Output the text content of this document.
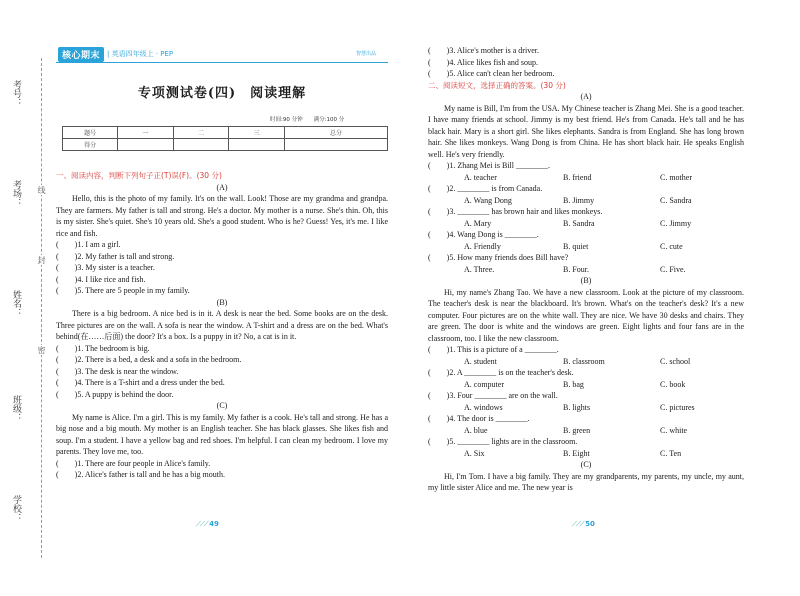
学校：
班级：
姓名：
考场：
考号：
密
封
线
核心期末	| 英语四年级上 · PEP	智慧出品
专项测试卷(四)　阅读理解
时间:90 分钟　　满分:100 分
题号	一	二	三	总分
得分				
一、阅读内容，判断下列句子正(T)误(F)。(30 分)
(A)

Hello, this is the photo of my family. It's on the wall. Look! Those are my grandma and grandpa. They are farmers. My father is tall and strong. He's a doctor. My mother is a nurse. She's thin. Oh, this is my sister. She's quiet. She's 10 years old. She's a good student. Who is he? Guess! Yes, it's me. I like rice and fish.

(　　)1. I am a girl.
(　　)2. My father is tall and strong.
(　　)3. My sister is a teacher.
(　　)4. I like rice and fish.
(　　)5. There are 5 people in my family.
(B)

There is a big bedroom. A nice bed is in it. A desk is near the bed. Some books are on the desk. Three pictures are on the wall. A sofa is near the window. A T-shirt and a dress are on the bed. What's behind(在……后面) the door? It's a box. Is a puppy in it? No, a cat is in it.

(　　)1. The bedroom is big.
(　　)2. There is a bed, a desk and a sofa in the bedroom.
(　　)3. The desk is near the window.
(　　)4. There is a T-shirt and a dress under the bed.
(　　)5. A puppy is behind the door.
(C)

My name is Alice. I'm a girl. This is my family. My father is a cook. He's tall and strong. He has a big nose and a big mouth. My mother is an English teacher. She has black glasses. She likes fish and soup. I'm a student. I have a yellow bag and red shoes. I'm helpful. I can clean my bedroom. I love my parents. They love me, too.

(　　)1. There are four people in Alice's family.
(　　)2. Alice's father is tall and he has a big mouth.
(　　)3. Alice's mother is a driver.
(　　)4. Alice likes fish and soup.
(　　)5. Alice can't clean her bedroom.
二、阅读短文，选择正确的答案。(30 分)
(A)

My name is Bill, I'm from the USA. My Chinese teacher is Zhang Mei. She is a good teacher. I have many friends at school. Jimmy is my best friend. He's from Canada. He's tall and he has black hair. Mary is a short girl. She likes elephants. Sandra is from England. She has long brown hair. She likes monkeys. Wang Dong is from China. He has short black hair. He speaks English well. He's very friendly.

(　　)1. Zhang Mei is Bill ________.
A. teacher	B. friend	C. mother
(　　)2. ________ is from Canada.
A. Wang Dong	B. Jimmy	C. Sandra
(　　)3. ________ has brown hair and likes monkeys.
A. Mary	B. Sandra	C. Jimmy
(　　)4. Wang Dong is ________.
A. Friendly	B. quiet	C. cute
(　　)5. How many friends does Bill have?
A. Three.	B. Four.	C. Five.
(B)

Hi, my name's Zhang Tao. We have a new classroom. Look at the picture of my classroom. The teacher's desk is near the blackboard. It's brown. What's on the teacher's desk? It's a new computer. Four pictures are on the white wall. They are nice. We have 30 desks and chairs. They are green. The door is white and the windows are green. Eight lights and four fans are in the classroom, too. I like the new classroom.

(　　)1. This is a picture of a ________.
A. student	B. classroom	C. school
(　　)2. A ________ is on the teacher's desk.
A. computer	B. bag	C. book
(　　)3. Four ________ are on the wall.
A. windows	B. lights	C. pictures
(　　)4. The door is ________.
A. blue	B. green	C. white
(　　)5. ________ lights are in the classroom.
A. Six	B. Eight	C. Ten
(C)

Hi, I'm Tom. I have a big family. They are my grandparents, my parents, my uncle, my aunt, my little sister Alice and me. The new year is

⟋⟋⟋ 49	⟋⟋⟋ 50
